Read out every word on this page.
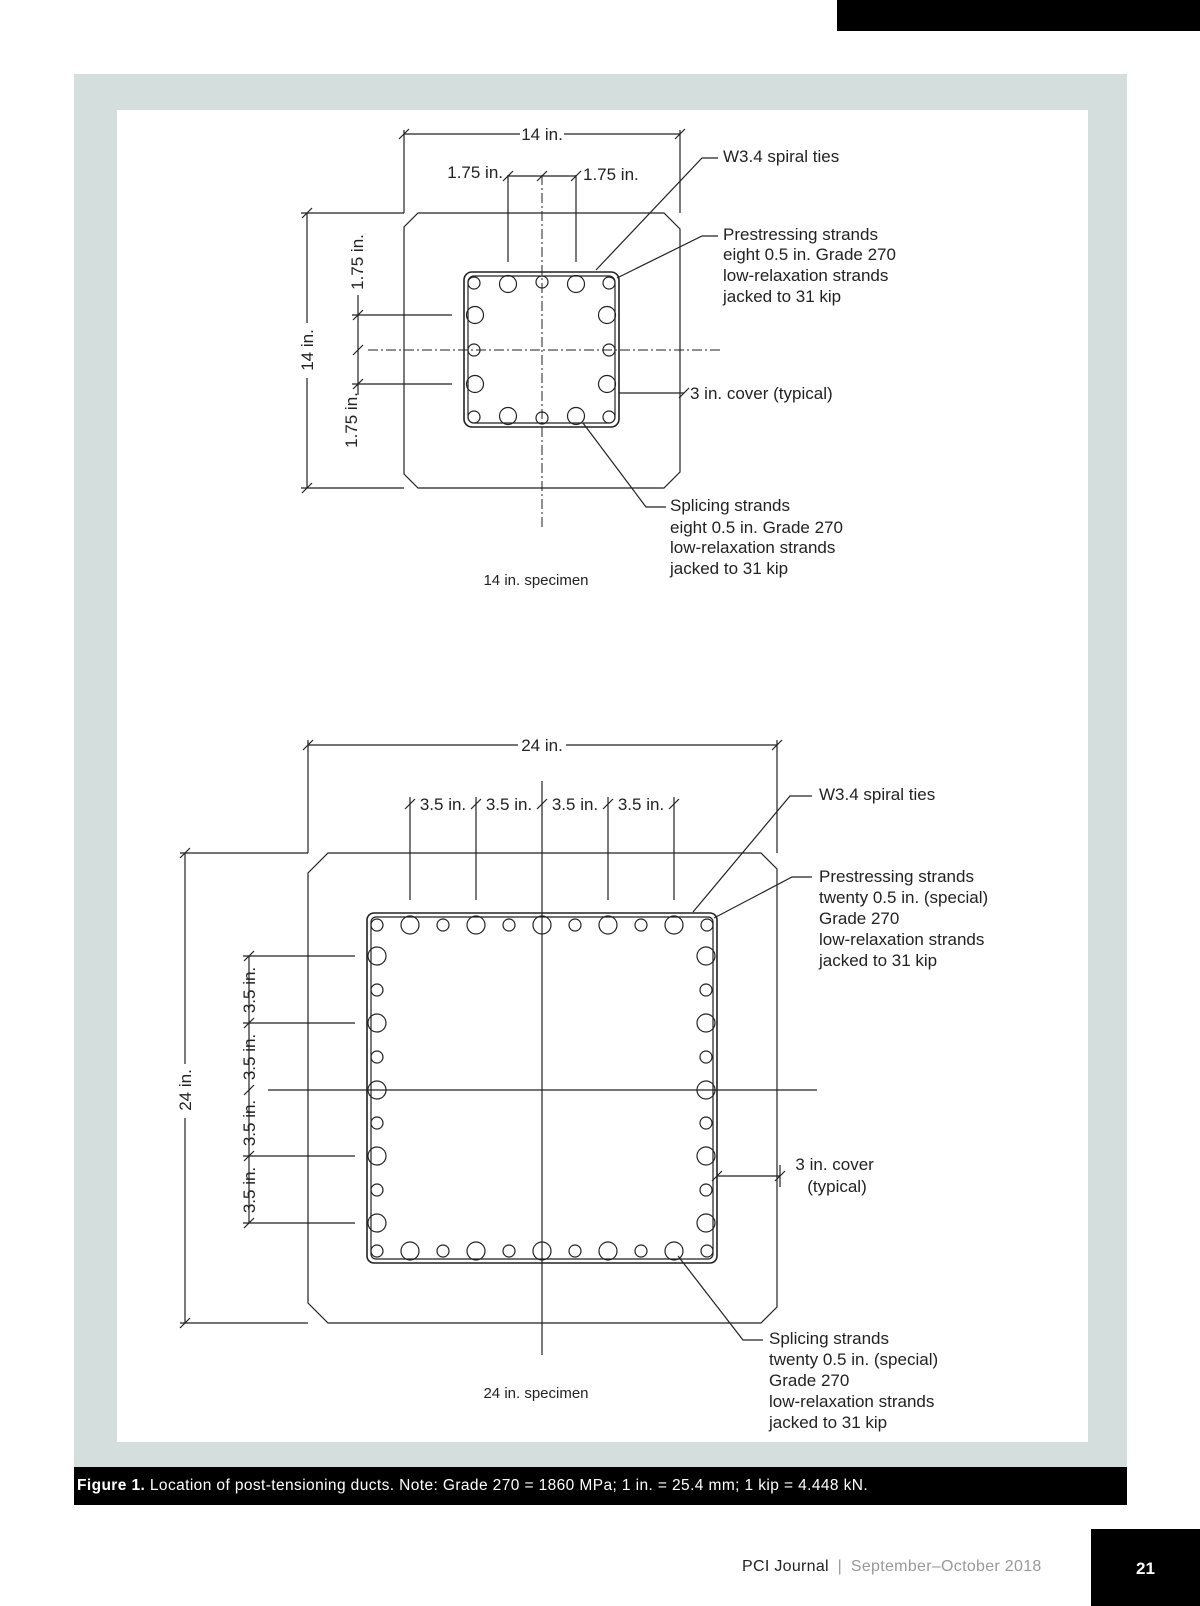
14 in.
1.75 in.	1.75 in.
14 in.
1.75 in.
1.75 in.
W3.4 spiral ties
Prestressing strands eight 0.5 in. Grade 270 low-relaxation strands jacked to 31 kip
3 in. cover (typical)
Splicing strands eight 0.5 in. Grade 270 low-relaxation strands jacked to 31 kip
14 in. specimen
24 in.
3.5 in. 3.5 in. 3.5 in. 3.5 in.
24 in.
3.5 in.
3.5 in.
3.5 in.
3.5 in.
W3.4 spiral ties
Prestressing strands twenty 0.5 in. (special) Grade 270 low-relaxation strands jacked to 31 kip
3 in. cover (typical)
Splicing strands twenty 0.5 in. (special) Grade 270 low-relaxation strands jacked to 31 kip
24 in. specimen
Figure 1. Location of post-tensioning ducts. Note: Grade 270 = 1860 MPa; 1 in. = 25.4 mm; 1 kip = 4.448 kN.
PCI Journal | September–October 2018	21
